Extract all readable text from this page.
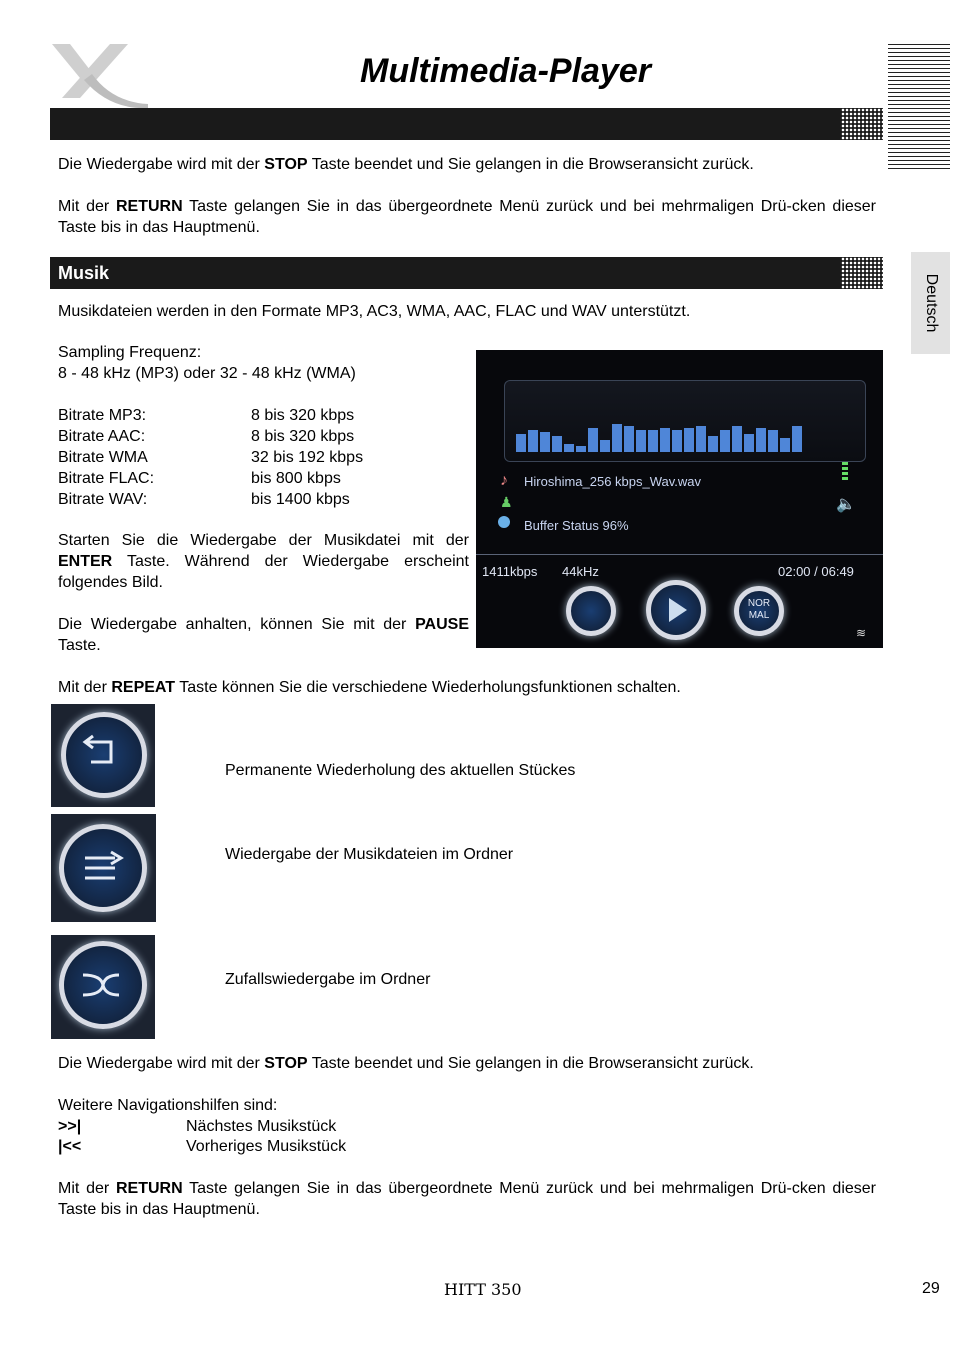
Multimedia-Player
Deutsch
Die Wiedergabe wird mit der STOP Taste beendet und Sie gelangen in die Browseransicht zurück.
Mit der RETURN Taste gelangen Sie in das übergeordnete Menü zurück und bei mehrmaligen Drü-cken dieser Taste bis in das Hauptmenü.
Musik
Musikdateien werden in den Formate MP3, AC3, WMA, AAC, FLAC und WAV unterstützt.
Sampling Frequenz:
8 - 48 kHz (MP3) oder 32 - 48 kHz (WMA)
Bitrate MP3:	8 bis 320 kbps
Bitrate AAC:	8 bis 320 kbps
Bitrate WMA	32 bis 192 kbps
Bitrate FLAC:	bis 800 kbps
Bitrate WAV:	bis 1400 kbps
Starten Sie die Wiedergabe der Musikdatei mit der ENTER Taste. Während der Wiedergabe erscheint folgendes Bild.
Die Wiedergabe anhalten, können Sie mit der PAUSE Taste.
♪ Hiroshima_256 kbps_Wav.wav
♟
Buffer Status 96%
🔈
1411kbps 44kHz	02:00 / 06:49
NOR MAL
≋
Mit der REPEAT Taste können Sie die verschiedene Wiederholungsfunktionen schalten.
Permanente Wiederholung des aktuellen Stückes
Wiedergabe der Musikdateien im Ordner
Zufallswiedergabe im Ordner
Die Wiedergabe wird mit der STOP Taste beendet und Sie gelangen in die Browseransicht zurück.
Weitere Navigationshilfen sind:
>>|	Nächstes Musikstück
|<<	Vorheriges Musikstück
Mit der RETURN Taste gelangen Sie in das übergeordnete Menü zurück und bei mehrmaligen Drü-cken dieser Taste bis in das Hauptmenü.
HITT 350	29
